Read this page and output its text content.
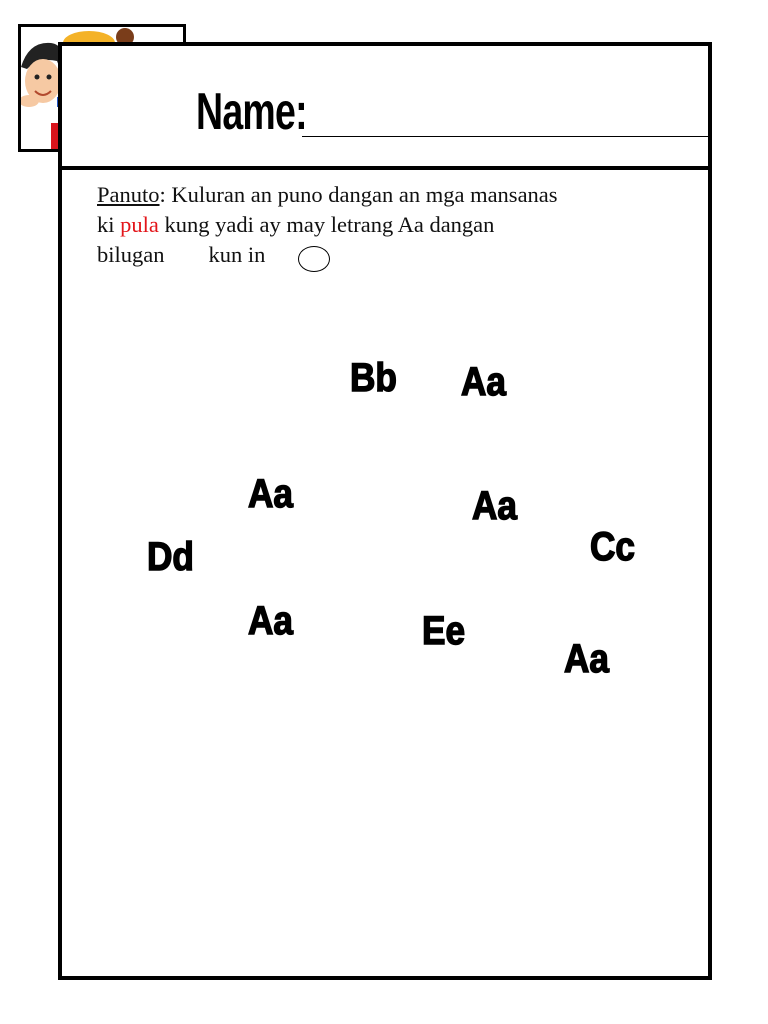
Name:
Panuto: Kuluran an puno dangan an mga mansanas
ki pula kung yadi ay may letrang Aa dangan
bilugan kun in
Bb Aa
Aa	Aa
Dd	Cc
Aa	Ee
Aa
